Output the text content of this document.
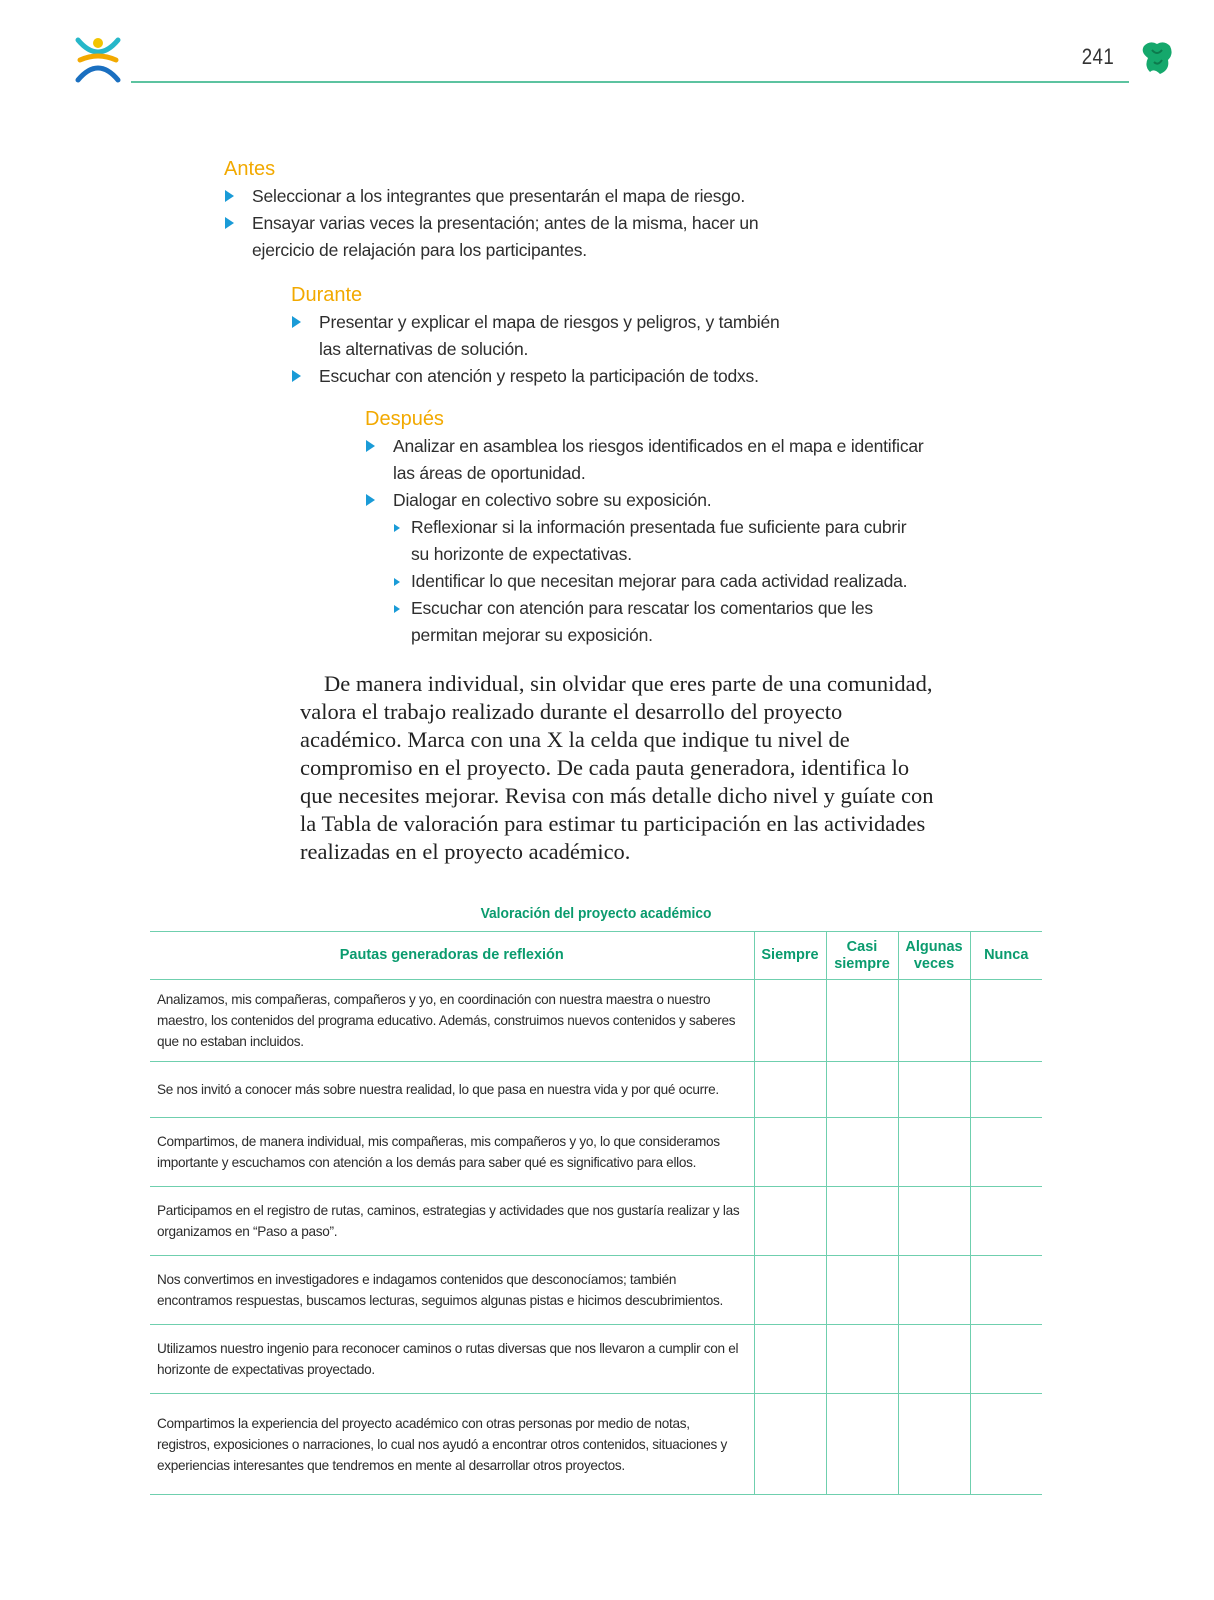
241
Antes
Seleccionar a los integrantes que presentarán el mapa de riesgo.
Ensayar varias veces la presentación; antes de la misma, hacer un ejercicio de relajación para los participantes.
Durante
Presentar y explicar el mapa de riesgos y peligros, y también las alternativas de solución.
Escuchar con atención y respeto la participación de todxs.
Después
Analizar en asamblea los riesgos identificados en el mapa e identificar las áreas de oportunidad.
Dialogar en colectivo sobre su exposición.
Reflexionar si la información presentada fue suficiente para cubrir su horizonte de expectativas.
Identificar lo que necesitan mejorar para cada actividad realizada.
Escuchar con atención para rescatar los comentarios que les permitan mejorar su exposición.

De manera individual, sin olvidar que eres parte de una comunidad, valora el trabajo realizado durante el desarrollo del proyecto académico. Marca con una X la celda que indique tu nivel de compromiso en el proyecto. De cada pauta generadora, identifica lo que necesites mejorar. Revisa con más detalle dicho nivel y guíate con la Tabla de valoración para estimar tu participación en las actividades realizadas en el proyecto académico.

Valoración del proyecto académico
Pautas generadoras de reflexión	Siempre	Casi siempre	Algunas veces	Nunca
Analizamos, mis compañeras, compañeros y yo, en coordinación con nuestra maestra o nuestro maestro, los contenidos del programa educativo. Además, construimos nuevos contenidos y saberes que no estaban incluidos.				
Se nos invitó a conocer más sobre nuestra realidad, lo que pasa en nuestra vida y por qué ocurre.				
Compartimos, de manera individual, mis compañeras, mis compañeros y yo, lo que consideramos importante y escuchamos con atención a los demás para saber qué es significativo para ellos.				
Participamos en el registro de rutas, caminos, estrategias y actividades que nos gustaría realizar y las organizamos en “Paso a paso”.				
Nos convertimos en investigadores e indagamos contenidos que desconocíamos; también encontramos respuestas, buscamos lecturas, seguimos algunas pistas e hicimos descubrimientos.				
Utilizamos nuestro ingenio para reconocer caminos o rutas diversas que nos llevaron a cumplir con el horizonte de expectativas proyectado.				
Compartimos la experiencia del proyecto académico con otras personas por medio de notas, registros, exposiciones o narraciones, lo cual nos ayudó a encontrar otros contenidos, situaciones y experiencias interesantes que tendremos en mente al desarrollar otros proyectos.				
